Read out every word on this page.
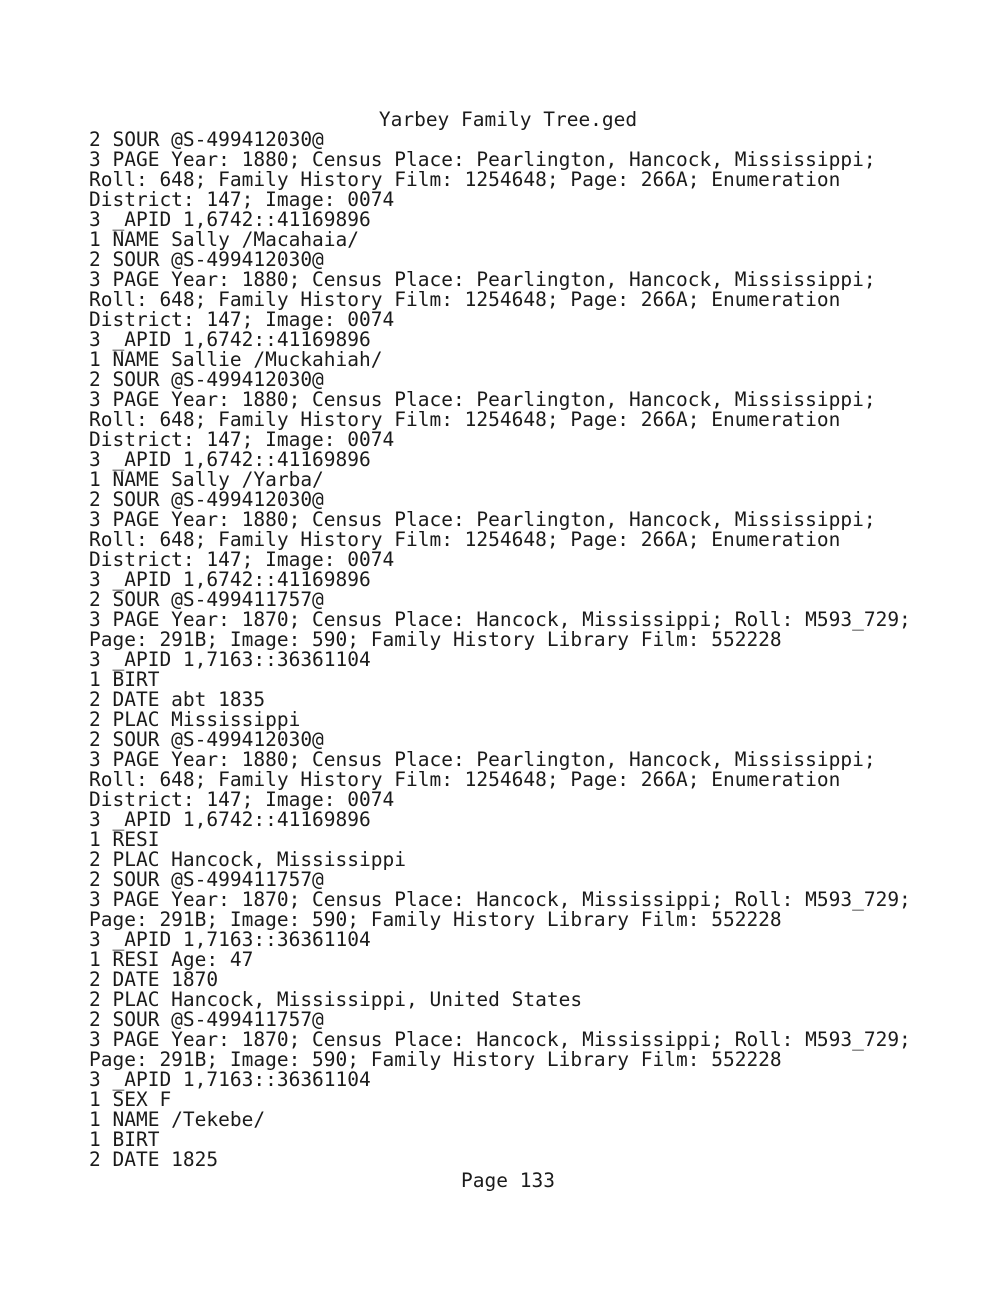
Yarbey Family Tree.ged
2 SOUR @S-499412030@
3 PAGE Year: 1880; Census Place: Pearlington, Hancock, Mississippi;
Roll: 648; Family History Film: 1254648; Page: 266A; Enumeration
District: 147; Image: 0074
3 _APID 1,6742::41169896
1 NAME Sally /Macahaia/
2 SOUR @S-499412030@
3 PAGE Year: 1880; Census Place: Pearlington, Hancock, Mississippi;
Roll: 648; Family History Film: 1254648; Page: 266A; Enumeration
District: 147; Image: 0074
3 _APID 1,6742::41169896
1 NAME Sallie /Muckahiah/
2 SOUR @S-499412030@
3 PAGE Year: 1880; Census Place: Pearlington, Hancock, Mississippi;
Roll: 648; Family History Film: 1254648; Page: 266A; Enumeration
District: 147; Image: 0074
3 _APID 1,6742::41169896
1 NAME Sally /Yarba/
2 SOUR @S-499412030@
3 PAGE Year: 1880; Census Place: Pearlington, Hancock, Mississippi;
Roll: 648; Family History Film: 1254648; Page: 266A; Enumeration
District: 147; Image: 0074
3 _APID 1,6742::41169896
2 SOUR @S-499411757@
3 PAGE Year: 1870; Census Place: Hancock, Mississippi; Roll: M593_729;
Page: 291B; Image: 590; Family History Library Film: 552228
3 _APID 1,7163::36361104
1 BIRT
2 DATE abt 1835
2 PLAC Mississippi
2 SOUR @S-499412030@
3 PAGE Year: 1880; Census Place: Pearlington, Hancock, Mississippi;
Roll: 648; Family History Film: 1254648; Page: 266A; Enumeration
District: 147; Image: 0074
3 _APID 1,6742::41169896
1 RESI
2 PLAC Hancock, Mississippi
2 SOUR @S-499411757@
3 PAGE Year: 1870; Census Place: Hancock, Mississippi; Roll: M593_729;
Page: 291B; Image: 590; Family History Library Film: 552228
3 _APID 1,7163::36361104
1 RESI Age: 47
2 DATE 1870
2 PLAC Hancock, Mississippi, United States
2 SOUR @S-499411757@
3 PAGE Year: 1870; Census Place: Hancock, Mississippi; Roll: M593_729;
Page: 291B; Image: 590; Family History Library Film: 552228
3 _APID 1,7163::36361104
1 SEX F
1 NAME /Tekebe/
1 BIRT
2 DATE 1825
Page 133
